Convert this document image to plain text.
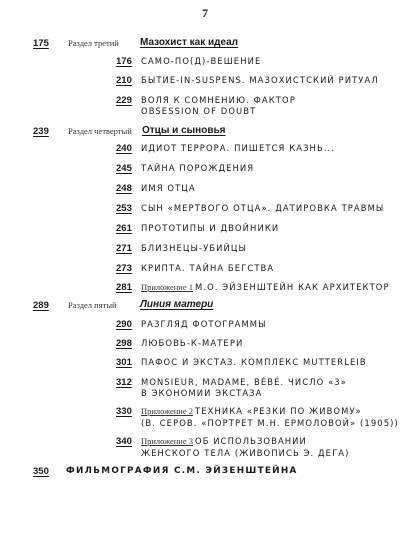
7
175 Раздел третий Мазохист как идеал
176 САМО-ПО(Д)-ВЕШЕНИЕ
210 БЫТИЕ-IN-SUSPENS. МАЗОХИСТСКИЙ РИТУАЛ
229 ВОЛЯ К СОМНЕНИЮ. ФАКТОР
OBSESSION OF DOUBT
239 Раздел четвертый Отцы и сыновья
240 ИДИОТ ТЕРРОРА. ПИШЕТСЯ КАЗНЬ...
245 ТАЙНА ПОРОЖДЕНИЯ
248 ИМЯ ОТЦА
253 СЫН «МЕРТВОГО ОТЦА». ДАТИРОВКА ТРАВМЫ
261 ПРОТОТИПЫ И ДВОЙНИКИ
271 БЛИЗНЕЦЫ-УБИЙЦЫ
273 КРИПТА. ТАЙНА БЕГСТВА
281 Приложение 1 М.О. ЭЙЗЕНШТЕЙН КАК АРХИТЕКТОР
289 Раздел пятый Линия матери
290 РАЗГЛЯД ФОТОГРАММЫ
298 ЛЮБОВЬ-К-МАТЕРИ
301 ПАФОС И ЭКСТАЗ. КОМПЛЕКС MUTTERLEIB
312 MONSIEUR, MADAME, BÉBÉ. ЧИСЛО «3»
В ЭКОНОМИИ ЭКСТАЗА
330 Приложение 2 ТЕХНИКА «РЕЗКИ ПО ЖИВОМУ»
(В. СЕРОВ. «ПОРТРЕТ М.Н. ЕРМОЛОВОЙ» (1905))
340 Приложение 3 ОБ ИСПОЛЬЗОВАНИИ
ЖЕНСКОГО ТЕЛА (ЖИВОПИСЬ Э. ДЕГА)
350 ФИЛЬМОГРАФИЯ С.М. ЭЙЗЕНШТЕЙНА
